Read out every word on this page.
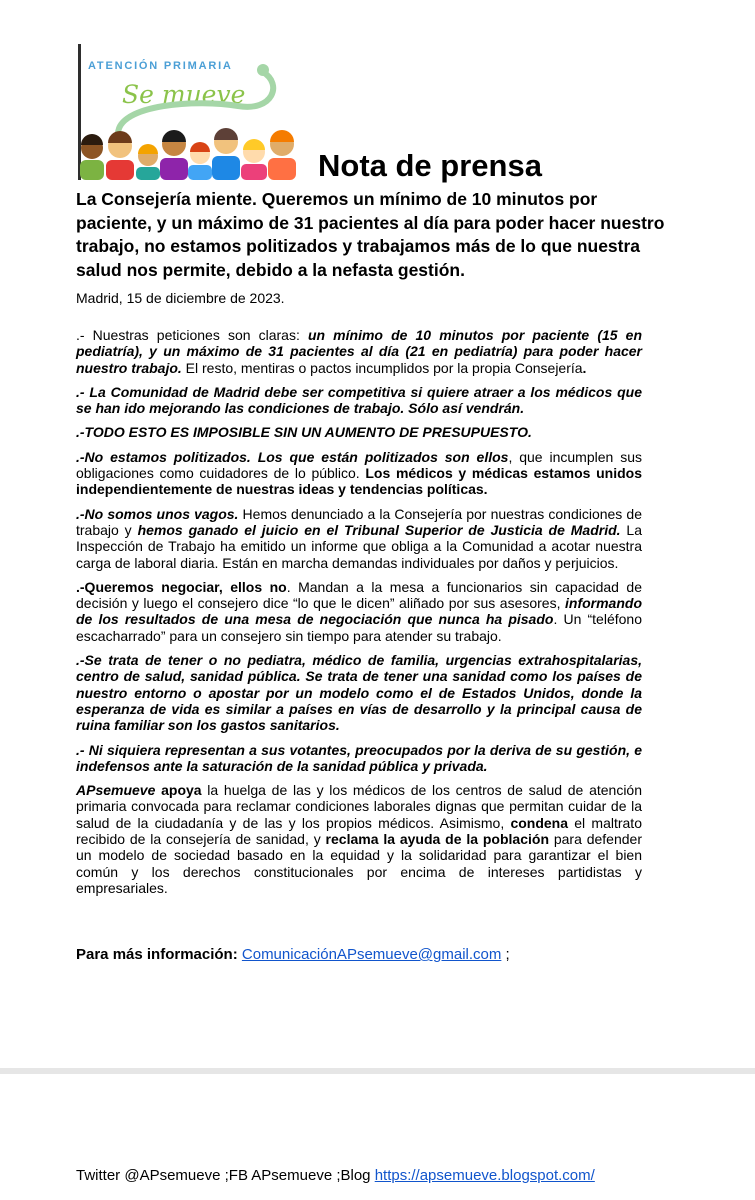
ATENCIÓN PRIMARIA
Se mueve
Nota de prensa

La Consejería miente. Queremos un mínimo de 10 minutos por paciente, y un máximo de 31 pacientes al día para poder hacer nuestro trabajo, no estamos politizados y trabajamos más de lo que nuestra salud nos permite, debido a la nefasta gestión.

Madrid, 15 de diciembre de 2023.

.- Nuestras peticiones son claras: un mínimo de 10 minutos por paciente (15 en pediatría), y un máximo de 31 pacientes al día (21 en pediatría) para poder hacer nuestro trabajo. El resto, mentiras o pactos incumplidos por la propia Consejería.

.- La Comunidad de Madrid debe ser competitiva si quiere atraer a los médicos que se han ido mejorando las condiciones de trabajo. Sólo así vendrán.

.-TODO ESTO ES IMPOSIBLE SIN UN AUMENTO DE PRESUPUESTO.

.-No estamos politizados. Los que están politizados son ellos, que incumplen sus obligaciones como cuidadores de lo público. Los médicos y médicas estamos unidos independientemente de nuestras ideas y tendencias políticas.

.-No somos unos vagos. Hemos denunciado a la Consejería por nuestras condiciones de trabajo y hemos ganado el juicio en el Tribunal Superior de Justicia de Madrid. La Inspección de Trabajo ha emitido un informe que obliga a la Comunidad a acotar nuestra carga de laboral diaria. Están en marcha demandas individuales por daños y perjuicios.

.-Queremos negociar, ellos no. Mandan a la mesa a funcionarios sin capacidad de decisión y luego el consejero dice “lo que le dicen” aliñado por sus asesores, informando de los resultados de una mesa de negociación que nunca ha pisado. Un “teléfono escacharrado” para un consejero sin tiempo para atender su trabajo.

.-Se trata de tener o no pediatra, médico de familia, urgencias extrahospitalarias, centro de salud, sanidad pública. Se trata de tener una sanidad como los países de nuestro entorno o apostar por un modelo como el de Estados Unidos, donde la esperanza de vida es similar a países en vías de desarrollo y la principal causa de ruina familiar son los gastos sanitarios.

.- Ni siquiera representan a sus votantes, preocupados por la deriva de su gestión, e indefensos ante la saturación de la sanidad pública y privada.

APsemueve apoya la huelga de las y los médicos de los centros de salud de atención primaria convocada para reclamar condiciones laborales dignas que permitan cuidar de la salud de la ciudadanía y de las y los propios médicos. Asimismo, condena el maltrato recibido de la consejería de sanidad, y reclama la ayuda de la población para defender un modelo de sociedad basado en la equidad y la solidaridad para garantizar el bien común y los derechos constitucionales por encima de intereses partidistas y empresariales.

Para más información: ComunicaciónAPsemueve@gmail.com ;

Twitter @APsemueve ;FB APsemueve ;Blog https://apsemueve.blogspot.com/
